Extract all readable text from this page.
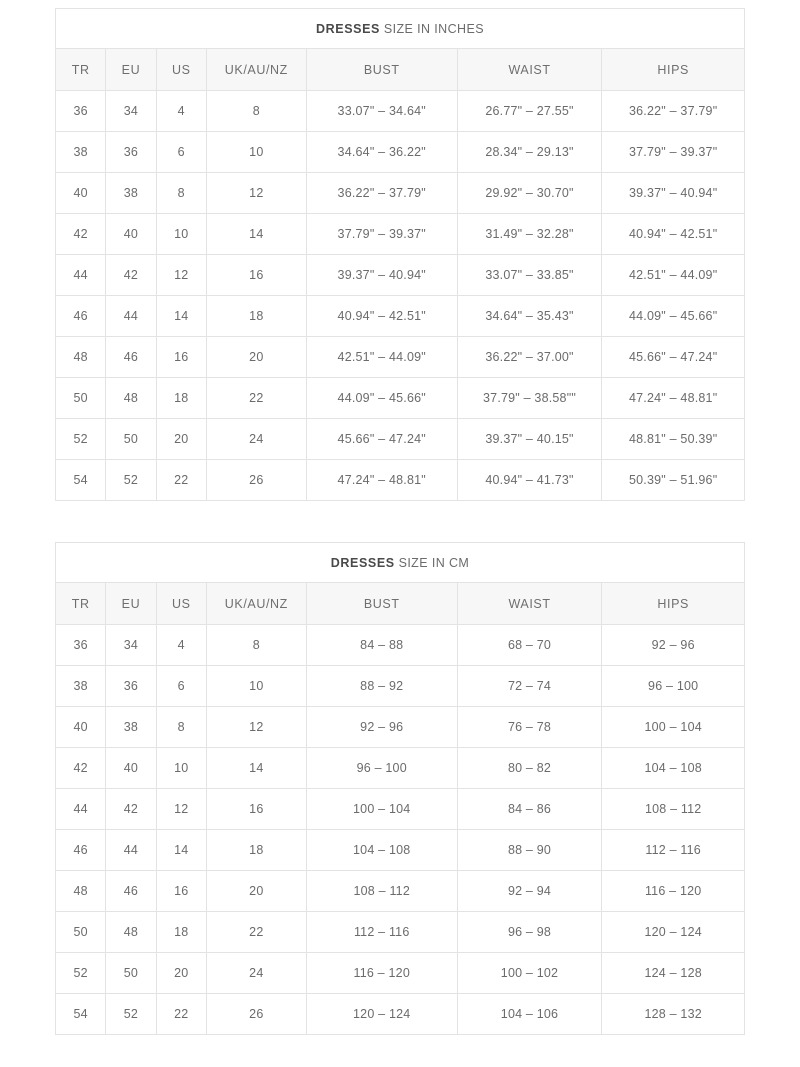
DRESSES SIZE IN INCHES						
TR	EU	US	UK/AU/NZ	BUST	WAIST	HIPS
36	34	4	8	33.07" – 34.64"	26.77" – 27.55"	36.22" – 37.79"
38	36	6	10	34.64" – 36.22"	28.34" – 29.13"	37.79" – 39.37"
40	38	8	12	36.22" – 37.79"	29.92" – 30.70"	39.37" – 40.94"
42	40	10	14	37.79" – 39.37"	31.49" – 32.28"	40.94" – 42.51"
44	42	12	16	39.37" – 40.94"	33.07" – 33.85"	42.51" – 44.09"
46	44	14	18	40.94" – 42.51"	34.64" – 35.43"	44.09" – 45.66"
48	46	16	20	42.51" – 44.09"	36.22" – 37.00"	45.66" – 47.24"
50	48	18	22	44.09" – 45.66"	37.79" – 38.58""	47.24" – 48.81"
52	50	20	24	45.66" – 47.24"	39.37" – 40.15"	48.81" – 50.39"
54	52	22	26	47.24" – 48.81"	40.94" – 41.73"	50.39" – 51.96"
DRESSES SIZE IN CM						
TR	EU	US	UK/AU/NZ	BUST	WAIST	HIPS
36	34	4	8	84 – 88	68 – 70	92 – 96
38	36	6	10	88 – 92	72 – 74	96 – 100
40	38	8	12	92 – 96	76 – 78	100 – 104
42	40	10	14	96 – 100	80 – 82	104 – 108
44	42	12	16	100 – 104	84 – 86	108 – 112
46	44	14	18	104 – 108	88 – 90	112 – 116
48	46	16	20	108 – 112	92 – 94	116 – 120
50	48	18	22	112 – 116	96 – 98	120 – 124
52	50	20	24	116 – 120	100 – 102	124 – 128
54	52	22	26	120 – 124	104 – 106	128 – 132
